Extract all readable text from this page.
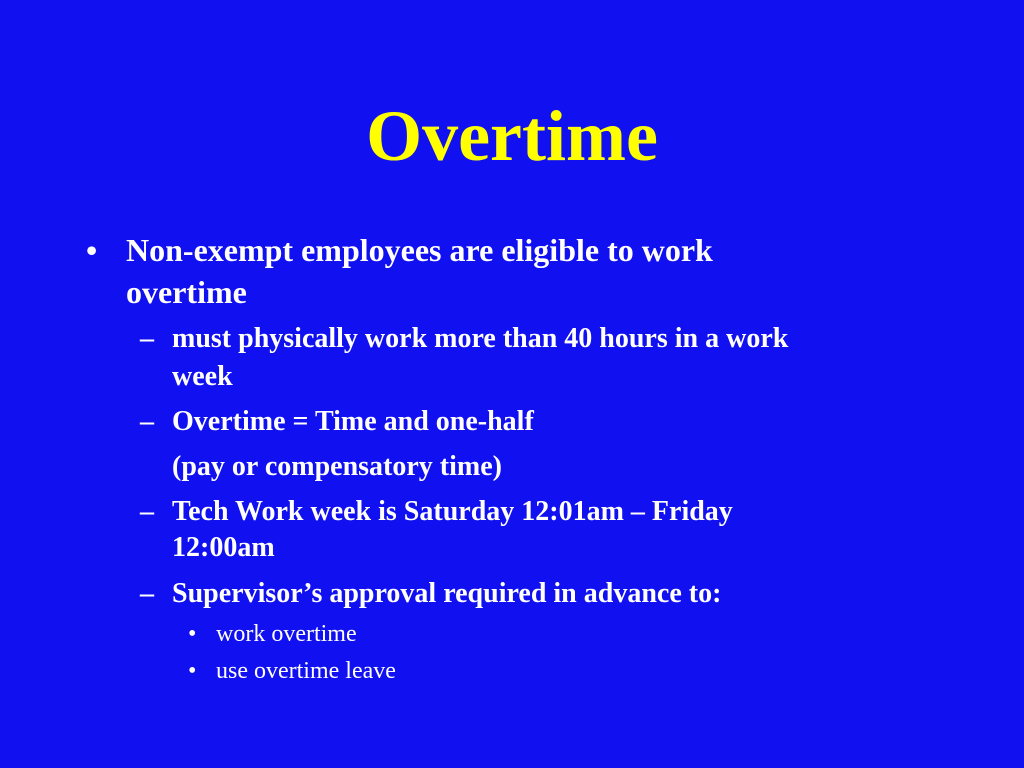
Overtime
• Non-exempt employees are eligible to work
overtime
– must physically work more than 40 hours in a work
week
– Overtime = Time and one-half
(pay or compensatory time)
– Tech Work week is Saturday 12:01am – Friday
12:00am
– Supervisor’s approval required in advance to:
• work overtime
• use overtime leave
